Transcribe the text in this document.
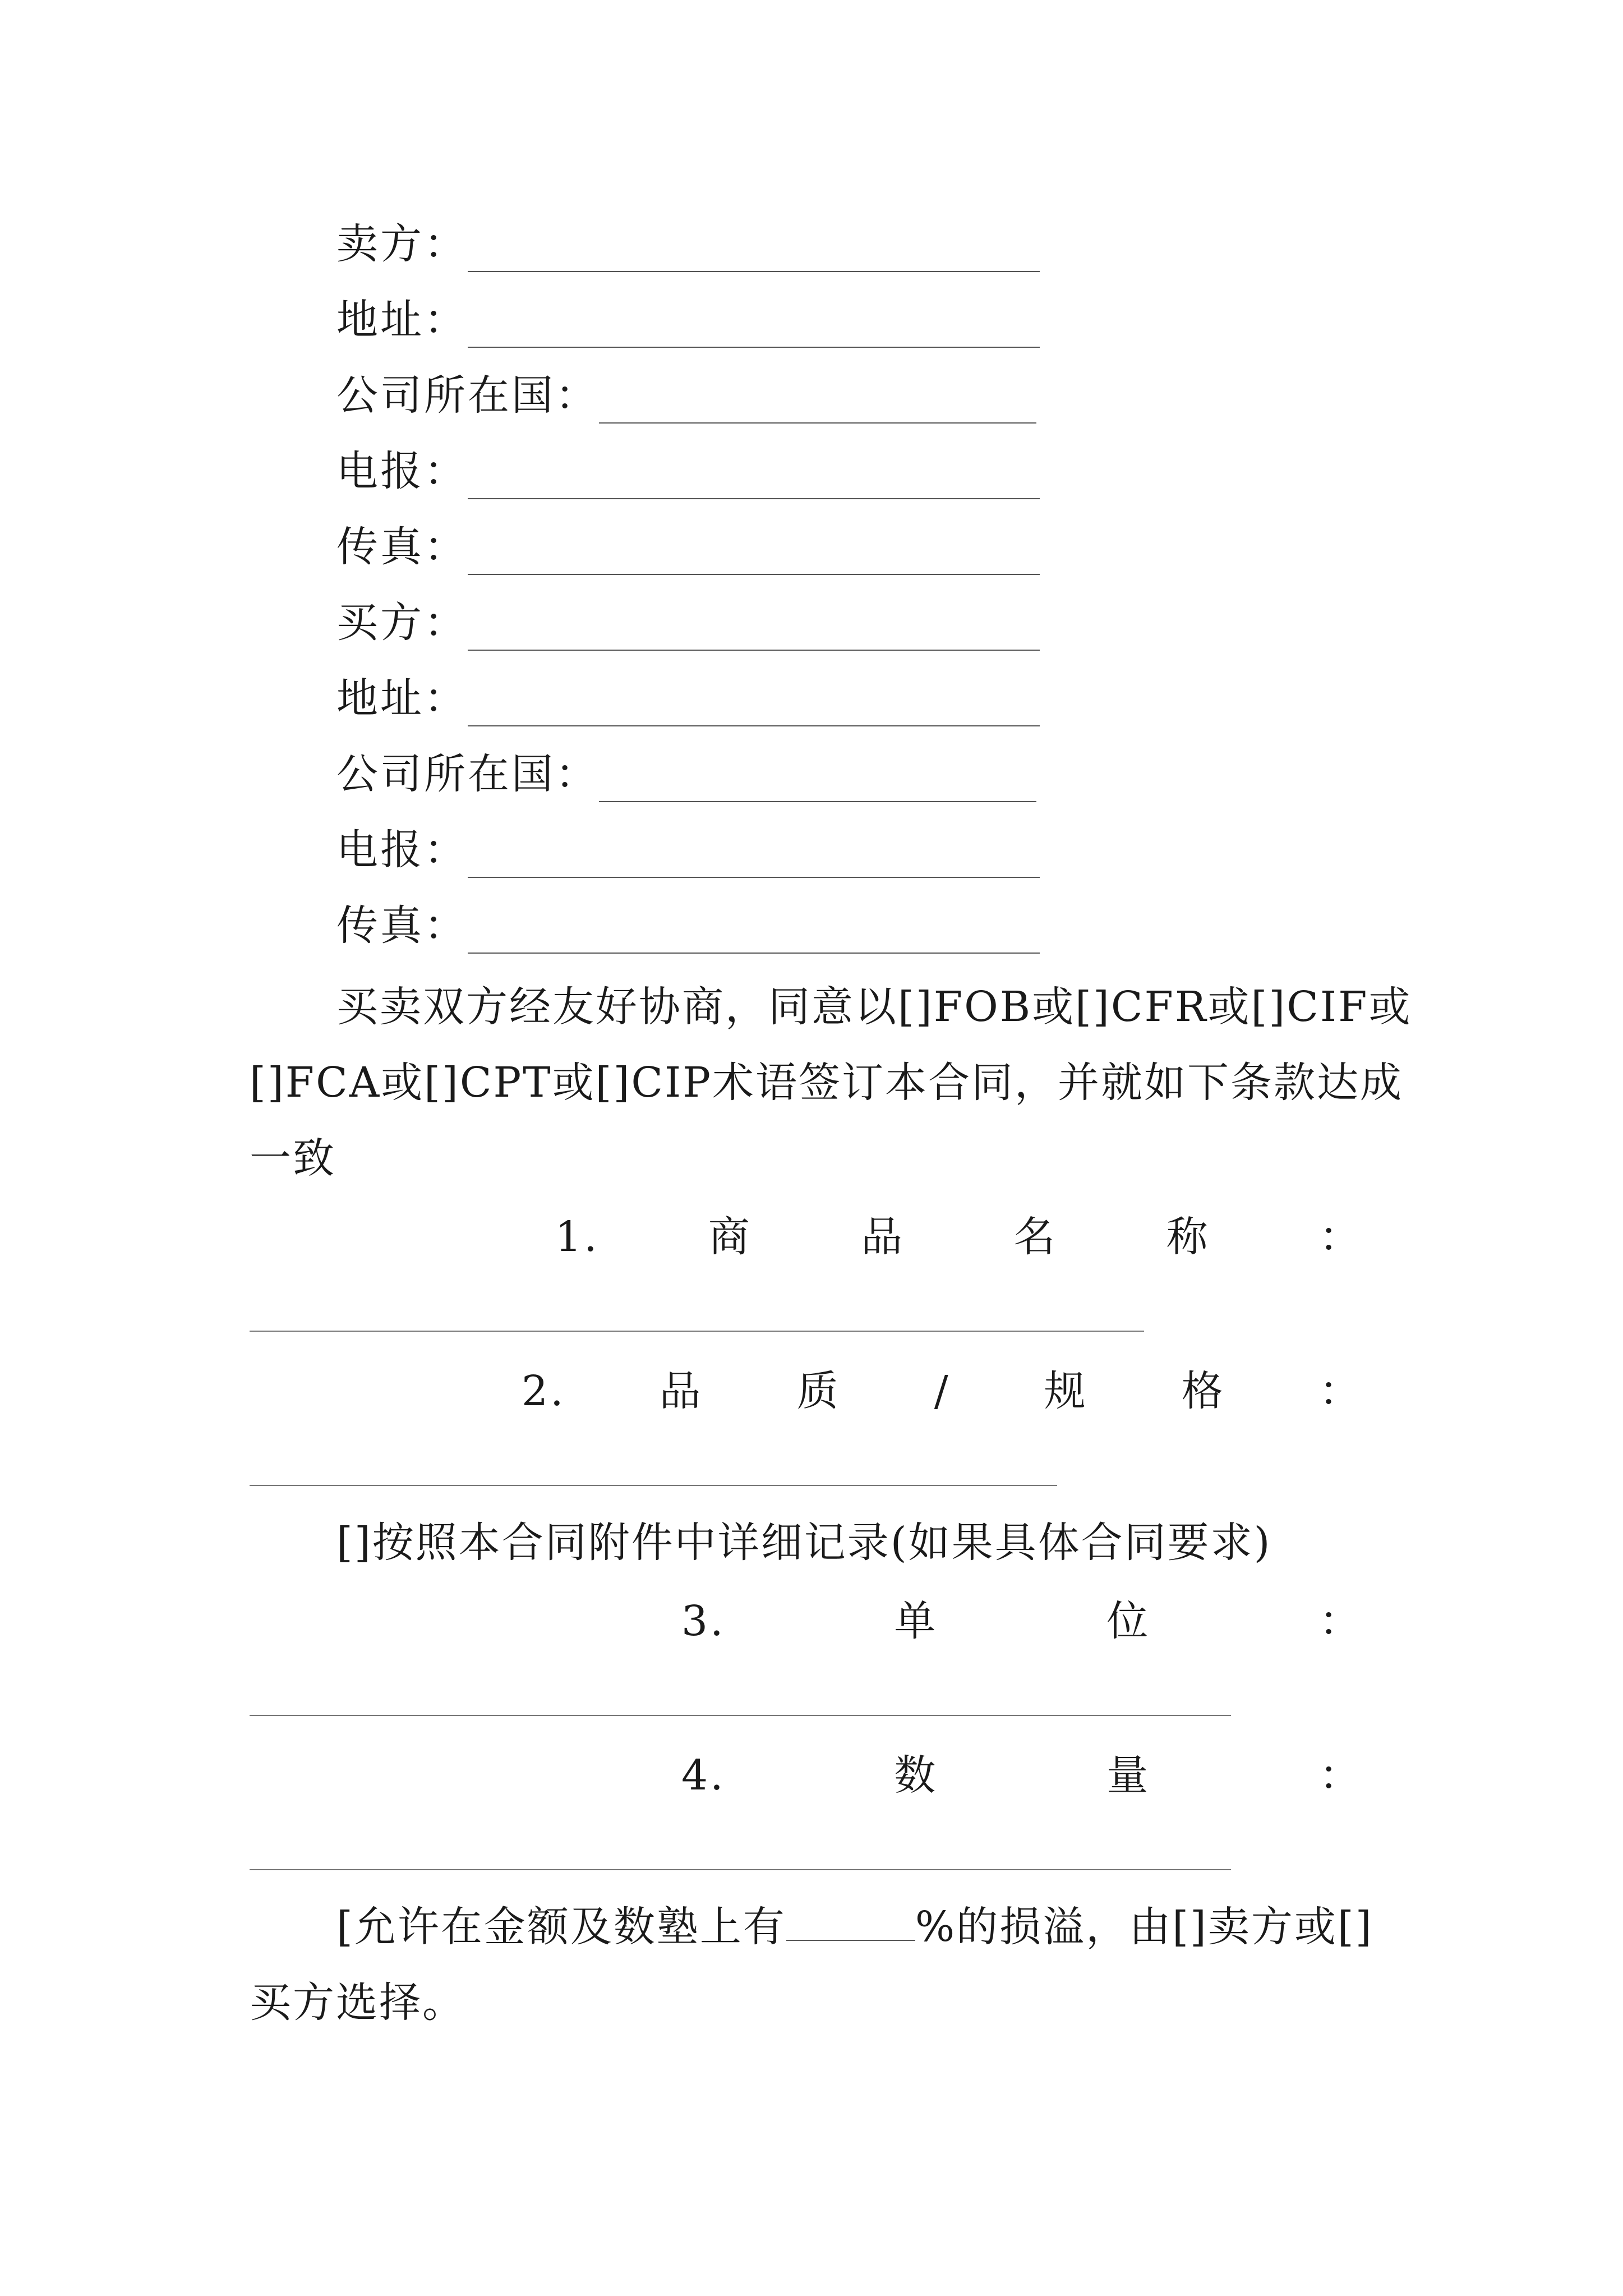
卖方：
地址：
公司所在国：
电报：
传真：
买方：
地址：
公司所在国：
电报：
传真：
买卖双方经友好协商，同意以[]FOB或[]CFR或[]CIF或
[]FCA或[]CPT或[]CIP术语签订本合同，并就如下条款达成
一致
1.	商	品	名	称	：
2. 品 质 / 规 格 ：
[]按照本合同附件中详细记录(如果具体合同要求)
3.	单	位	：
4.	数	量	：
[允许在金额及数塾上有	%的损溢，由[]卖方或[]
买方选择。
